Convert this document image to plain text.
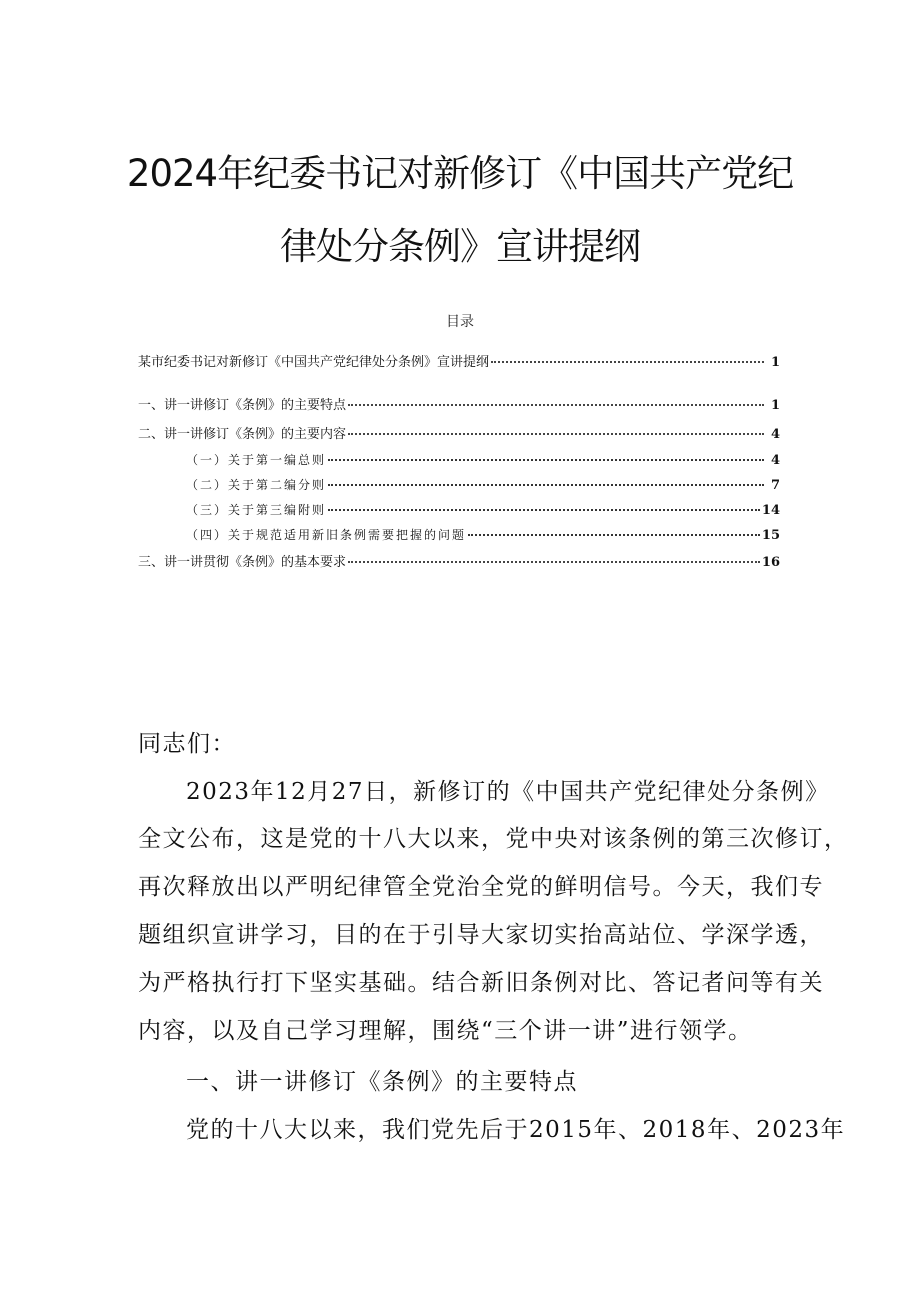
2024年纪委书记对新修订《中国共产党纪
律处分条例》宣讲提纲
目录
某市纪委书记对新修订《中国共产党纪律处分条例》宣讲提纲	1
一、讲一讲修订《条例》的主要特点	1
二、讲一讲修订《条例》的主要内容	4
（一）关于第一编总则	4
（二）关于第二编分则	7
（三）关于第三编附则	14
（四）关于规范适用新旧条例需要把握的问题	15
三、讲一讲贯彻《条例》的基本要求	16
同志们：
2023年12月27日，新修订的《中国共产党纪律处分条例》
全文公布，这是党的十八大以来，党中央对该条例的第三次修订，
再次释放出以严明纪律管全党治全党的鲜明信号。今天，我们专
题组织宣讲学习，目的在于引导大家切实抬高站位、学深学透，
为严格执行打下坚实基础。结合新旧条例对比、答记者问等有关
内容，以及自己学习理解，围绕“三个讲一讲”进行领学。
一、讲一讲修订《条例》的主要特点
党的十八大以来，我们党先后于2015年、2018年、2023年
